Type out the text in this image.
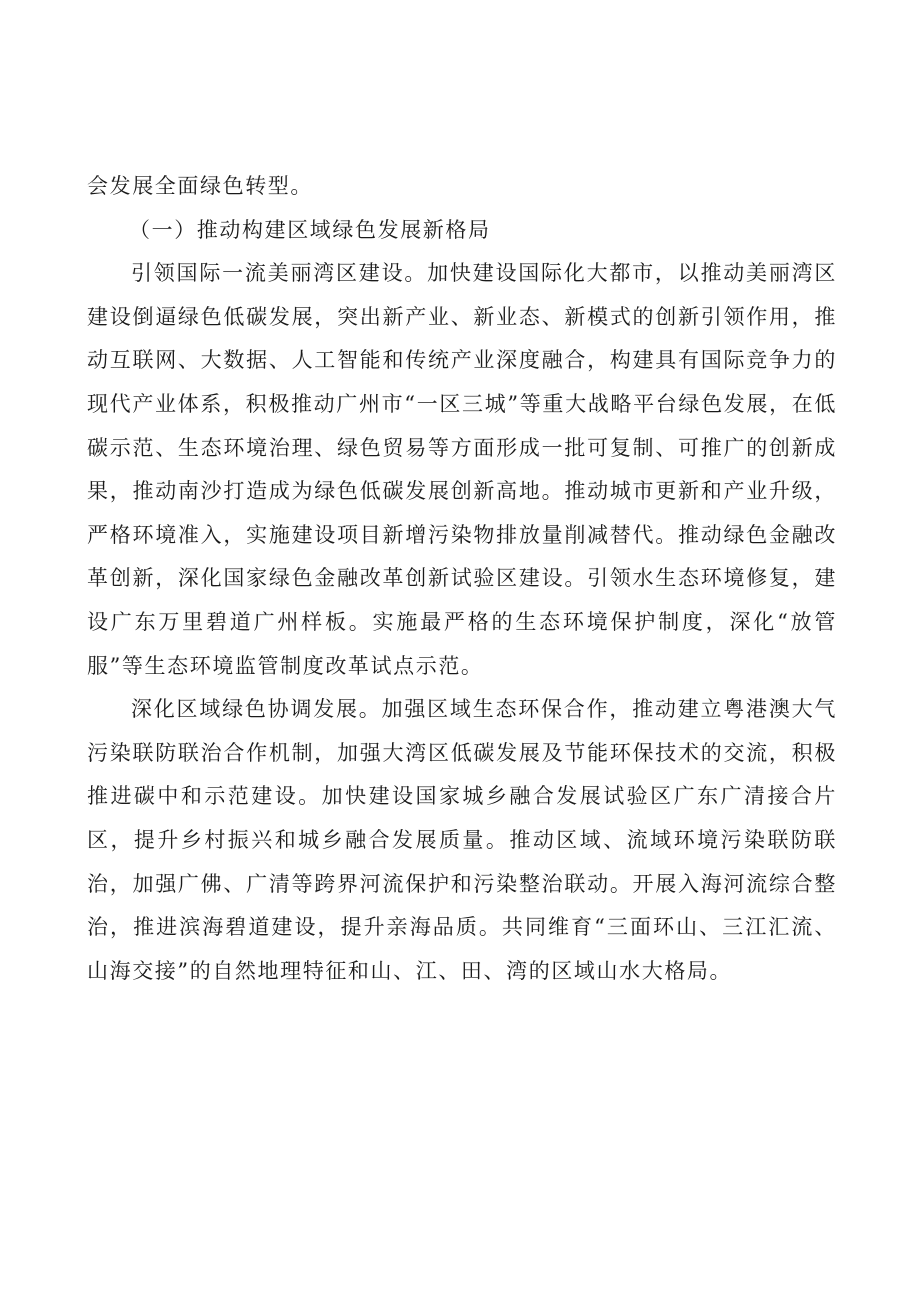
会发展全面绿色转型。

（一）推动构建区域绿色发展新格局

引领国际一流美丽湾区建设。加快建设国际化大都市，以推动美丽湾区建设倒逼绿色低碳发展，突出新产业、新业态、新模式的创新引领作用，推动互联网、大数据、人工智能和传统产业深度融合，构建具有国际竞争力的现代产业体系，积极推动广州市“一区三城”等重大战略平台绿色发展，在低碳示范、生态环境治理、绿色贸易等方面形成一批可复制、可推广的创新成果，推动南沙打造成为绿色低碳发展创新高地。推动城市更新和产业升级，严格环境准入，实施建设项目新增污染物排放量削减替代。推动绿色金融改革创新，深化国家绿色金融改革创新试验区建设。引领水生态环境修复，建设广东万里碧道广州样板。实施最严格的生态环境保护制度，深化“放管服”等生态环境监管制度改革试点示范。

深化区域绿色协调发展。加强区域生态环保合作，推动建立粤港澳大气污染联防联治合作机制，加强大湾区低碳发展及节能环保技术的交流，积极推进碳中和示范建设。加快建设国家城乡融合发展试验区广东广清接合片区，提升乡村振兴和城乡融合发展质量。推动区域、流域环境污染联防联治，加强广佛、广清等跨界河流保护和污染整治联动。开展入海河流综合整治，推进滨海碧道建设，提升亲海品质。共同维育“三面环山、三江汇流、山海交接”的自然地理特征和山、江、田、湾的区域山水大格局。
